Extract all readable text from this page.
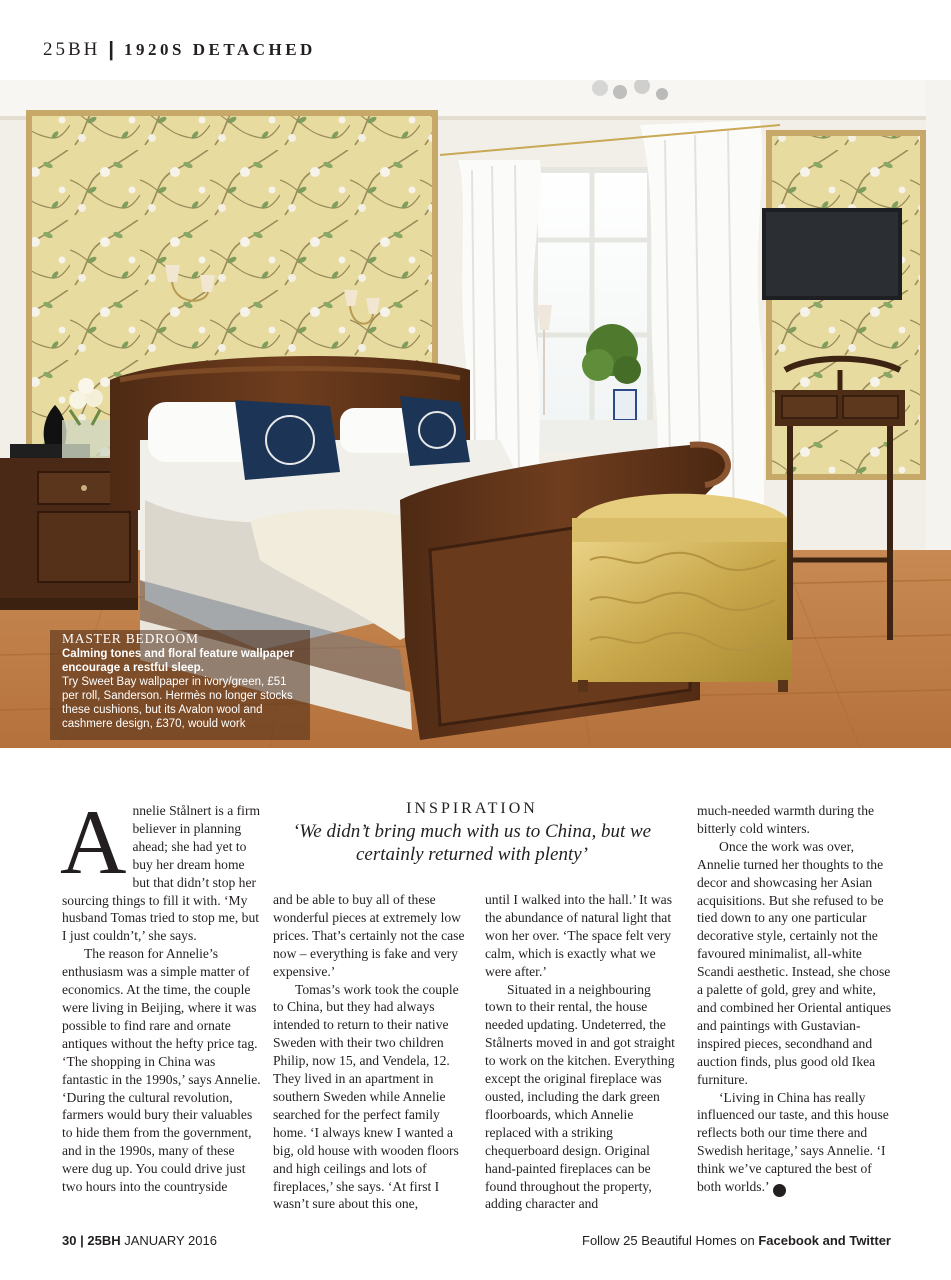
25BH | 1920S DETACHED
MASTER BEDROOM
Calming tones and floral feature wallpaper encourage a restful sleep.
Try Sweet Bay wallpaper in ivory/green, £51 per roll, Sanderson. Hermès no longer stocks these cushions, but its Avalon wool and cashmere design, £370, would work
INSPIRATION
‘We didn’t bring much with us to China, but we certainly returned with plenty’
A nnelie Stålnert is a firm believer in planning ahead; she had yet to buy her dream home but that didn’t stop her sourcing things to fill it with. ‘My husband Tomas tried to stop me, but I just couldn’t,’ she says.

The reason for Annelie’s enthusiasm was a simple matter of economics. At the time, the couple were living in Beijing, where it was possible to find rare and ornate antiques without the hefty price tag. ‘The shopping in China was fantastic in the 1990s,’ says Annelie. ‘During the cultural revolution, farmers would bury their valuables to hide them from the government, and in the 1990s, many of these were dug up. You could drive just two hours into the countryside

and be able to buy all of these wonderful pieces at extremely low prices. That’s certainly not the case now – everything is fake and very expensive.’

Tomas’s work took the couple to China, but they had always intended to return to their native Sweden with their two children Philip, now 15, and Vendela, 12. They lived in an apartment in southern Sweden while Annelie searched for the perfect family home. ‘I always knew I wanted a big, old house with wooden floors and high ceilings and lots of fireplaces,’ she says. ‘At first I wasn’t sure about this one,

until I walked into the hall.’ It was the abundance of natural light that won her over. ‘The space felt very calm, which is exactly what we were after.’

Situated in a neighbouring town to their rental, the house needed updating. Undeterred, the Stålnerts moved in and got straight to work on the kitchen. Everything except the original fireplace was ousted, including the dark green floorboards, which Annelie replaced with a striking chequerboard design. Original hand-painted fireplaces can be found throughout the property, adding character and

much-needed warmth during the bitterly cold winters.

Once the work was over, Annelie turned her thoughts to the decor and showcasing her Asian acquisitions. But she refused to be tied down to any one particular decorative style, certainly not the favoured minimalist, all-white Scandi aesthetic. Instead, she chose a palette of gold, grey and white, and combined her Oriental antiques and paintings with Gustavian-inspired pieces, secondhand and auction finds, plus good old Ikea furniture.

‘Living in China has really influenced our taste, and this house reflects both our time there and Swedish heritage,’ says Annelie. ‘I think we’ve captured the best of both worlds.’	25

30 | 25BH JANUARY 2016	Follow 25 Beautiful Homes on Facebook and Twitter
